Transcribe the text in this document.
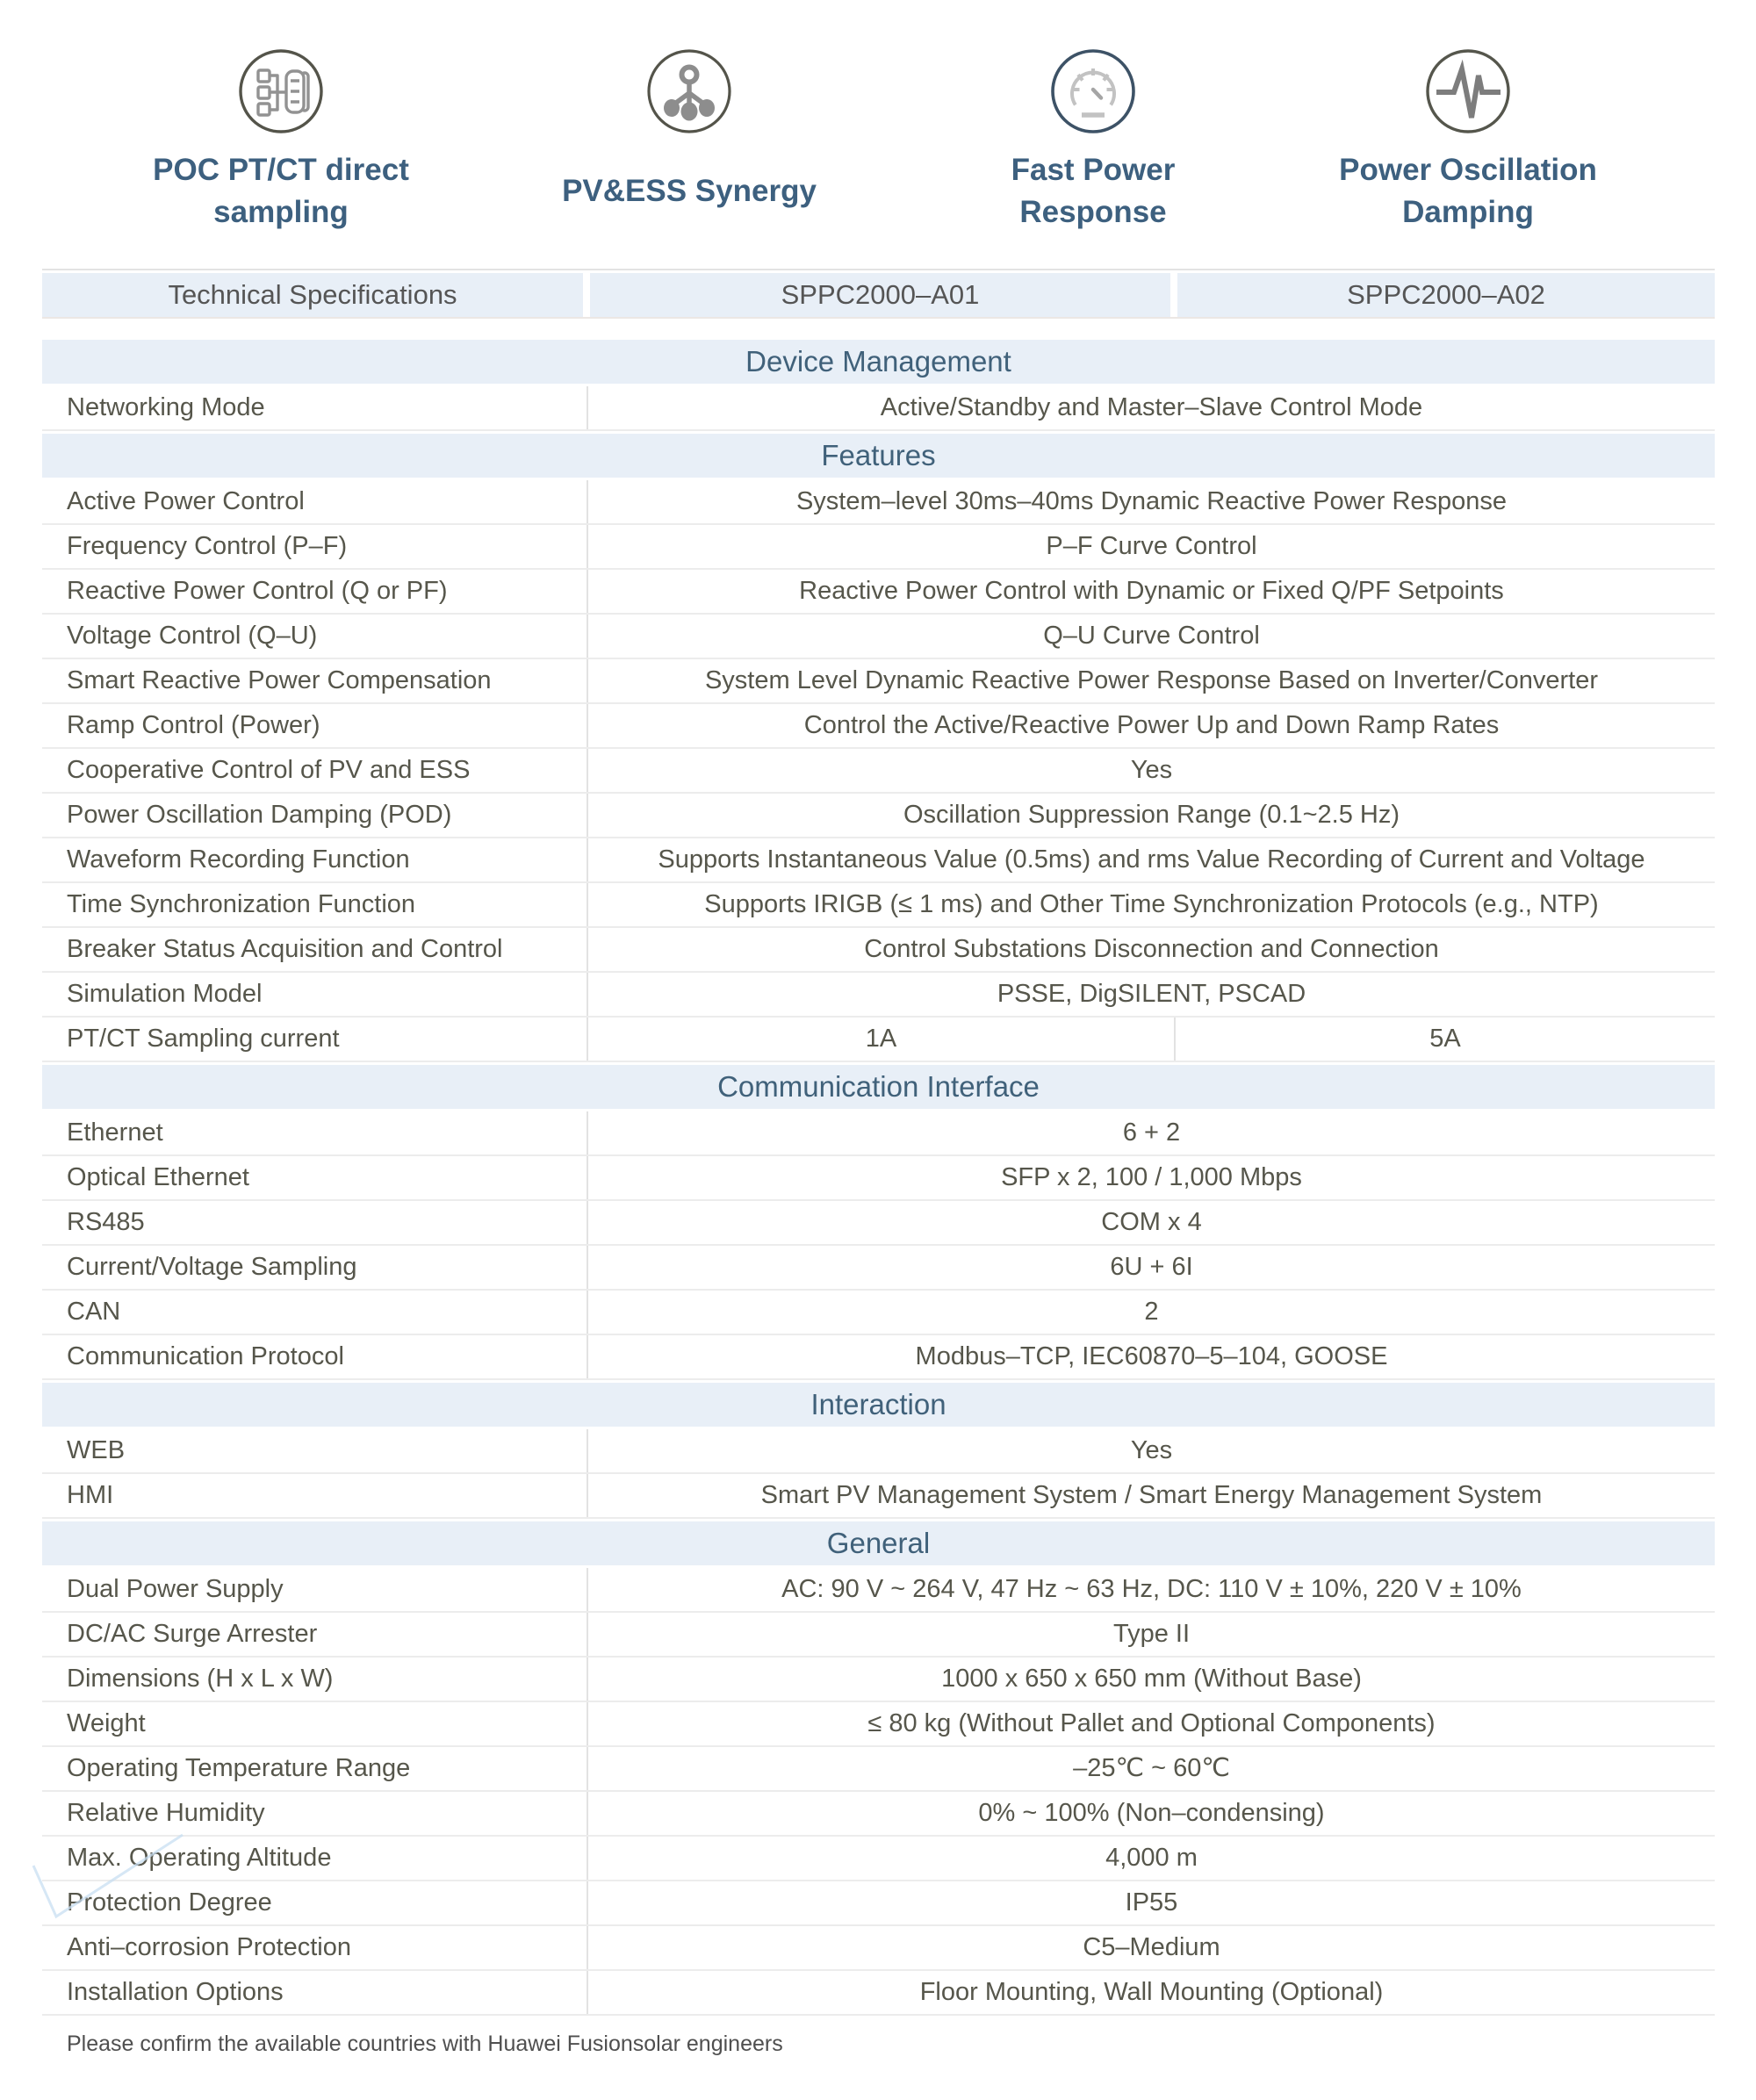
POC PT/CT direct
sampling
PV&ESS Synergy
Fast Power
Response
Power Oscillation
Damping
Technical Specifications	SPPC2000–A01	SPPC2000–A02
Device Management
Networking Mode	Active/Standby and Master–Slave Control Mode
Features
Active Power Control	System–level 30ms–40ms Dynamic Reactive Power Response
Frequency Control (P–F)	P–F Curve Control
Reactive Power Control (Q or PF)	Reactive Power Control with Dynamic or Fixed Q/PF Setpoints
Voltage Control (Q–U)	Q–U Curve Control
Smart Reactive Power Compensation	System Level Dynamic Reactive Power Response Based on Inverter/Converter
Ramp Control (Power)	Control the Active/Reactive Power Up and Down Ramp Rates
Cooperative Control of PV and ESS	Yes
Power Oscillation Damping (POD)	Oscillation Suppression Range (0.1~2.5 Hz)
Waveform Recording Function	Supports Instantaneous Value (0.5ms) and rms Value Recording of Current and Voltage
Time Synchronization Function	Supports IRIGB (≤ 1 ms) and Other Time Synchronization Protocols (e.g., NTP)
Breaker Status Acquisition and Control	Control Substations Disconnection and Connection
Simulation Model	PSSE, DigSILENT, PSCAD
PT/CT Sampling current	1A	5A
Communication Interface
Ethernet	6 + 2
Optical Ethernet	SFP x 2, 100 / 1,000 Mbps
RS485	COM x 4
Current/Voltage Sampling	6U + 6I
CAN	2
Communication Protocol	Modbus–TCP, IEC60870–5–104, GOOSE
Interaction
WEB	Yes
HMI	Smart PV Management System / Smart Energy Management System
General
Dual Power Supply	AC: 90 V ~ 264 V, 47 Hz ~ 63 Hz, DC: 110 V ± 10%, 220 V ± 10%
DC/AC Surge Arrester	Type II
Dimensions (H x L x W)	1000 x 650 x 650 mm (Without Base)
Weight	≤ 80 kg (Without Pallet and Optional Components)
Operating Temperature Range	–25℃ ~ 60℃
Relative Humidity	0% ~ 100% (Non–condensing)
Max. Operating Altitude	4,000 m
Protection Degree	IP55
Anti–corrosion Protection	C5–Medium
Installation Options	Floor Mounting, Wall Mounting (Optional)
Please confirm the available countries with Huawei Fusionsolar engineers
